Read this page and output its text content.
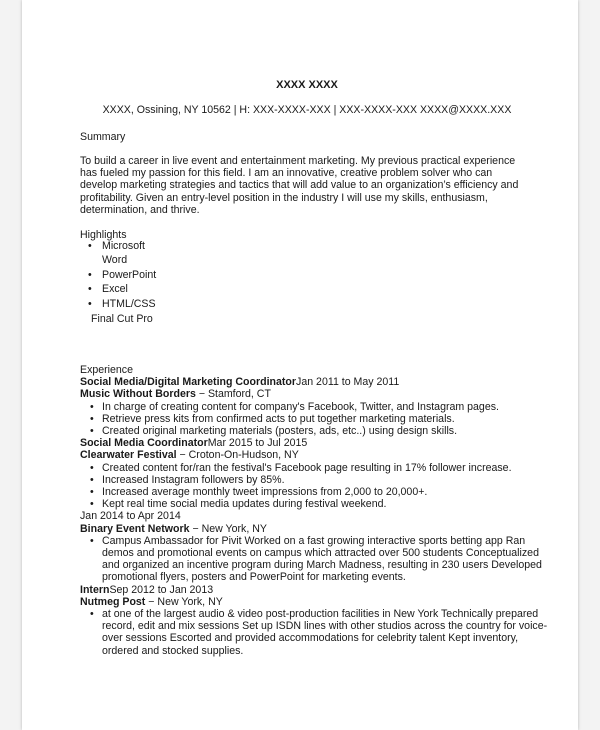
XXXX XXXX
XXXX, Ossining, NY 10562 | H: XXX-XXXX-XXX | XXX-XXXX-XXX XXXX@XXXX.XXX
Summary
To build a career in live event and entertainment marketing. My previous practical experience has fueled my passion for this field. I am an innovative, creative problem solver who can develop marketing strategies and tactics that will add value to an organization’s efficiency and profitability. Given an entry-level position in the industry I will use my skills, enthusiasm, determination, and thrive.
Highlights
• Microsoft
Word
• PowerPoint
• Excel
• HTML/CSS
Final Cut Pro
Experience
Social Media/Digital Marketing CoordinatorJan 2011 to May 2011
Music Without Borders − Stamford, CT
• In charge of creating content for company's Facebook, Twitter, and Instagram pages.
• Retrieve press kits from confirmed acts to put together marketing materials.
• Created original marketing materials (posters, ads, etc..) using design skills.
Social Media CoordinatorMar 2015 to Jul 2015
Clearwater Festival − Croton-On-Hudson, NY
• Created content for/ran the festival's Facebook page resulting in 17% follower increase.
• Increased Instagram followers by 85%.
• Increased average monthly tweet impressions from 2,000 to 20,000+.
• Kept real time social media updates during festival weekend.
Jan 2014 to Apr 2014
Binary Event Network − New York, NY
• Campus Ambassador for Pivit Worked on a fast growing interactive sports betting app Ran demos and promotional events on campus which attracted over 500 students Conceptualized and organized an incentive program during March Madness, resulting in 230 users Developed promotional flyers, posters and PowerPoint for marketing events.
InternSep 2012 to Jan 2013
Nutmeg Post − New York, NY
• at one of the largest audio & video post-production facilities in New York Technically prepared record, edit and mix sessions Set up ISDN lines with other studios across the country for voice-over sessions Escorted and provided accommodations for celebrity talent Kept inventory, ordered and stocked supplies.
